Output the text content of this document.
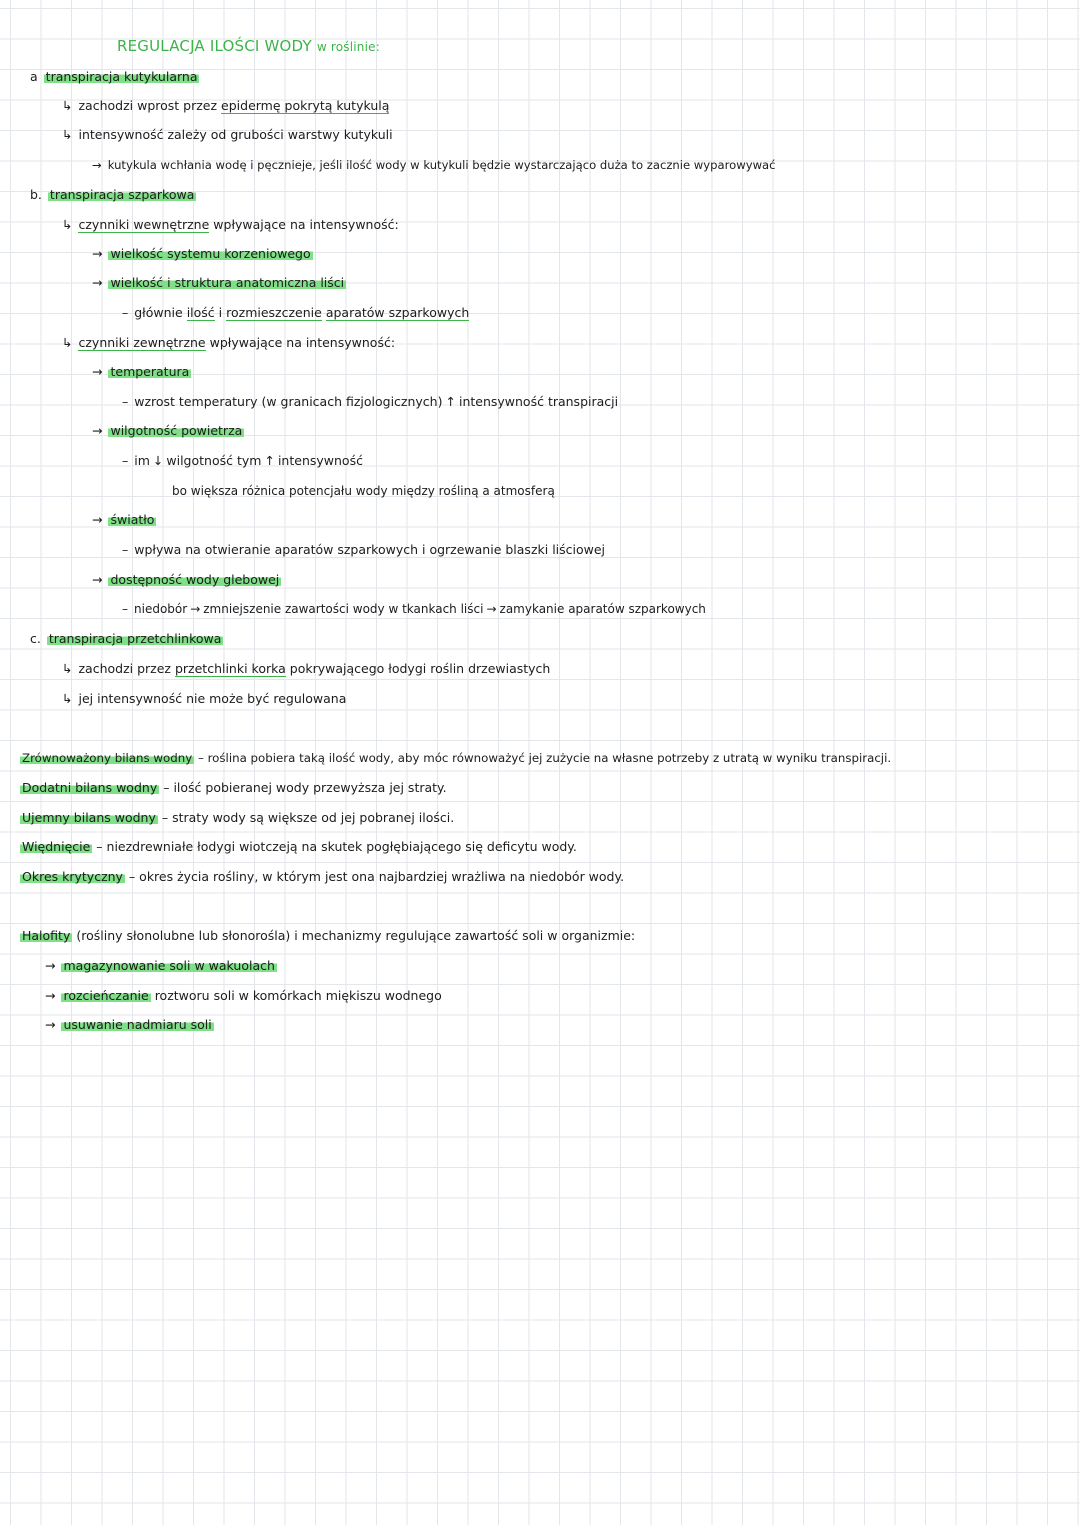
REGULACJA ILOŚCI WODY w roślinie:
a transpiracja kutykularna
↳ zachodzi wprost przez epidermę pokrytą kutykulą
↳ intensywność zależy od grubości warstwy kutykuli
→ kutykula wchłania wodę i pęcznieje, jeśli ilość wody w kutykuli będzie wystarczająco duża to zacznie wyparowywać
b. transpiracja szparkowa
↳ czynniki wewnętrzne wpływające na intensywność:
→ wielkość systemu korzeniowego
→ wielkość i struktura anatomiczna liści
– głównie ilość i rozmieszczenie aparatów szparkowych
↳ czynniki zewnętrzne wpływające na intensywność:
→ temperatura
– wzrost temperatury (w granicach fizjologicznych) ↑ intensywność transpiracji
→ wilgotność powietrza
– im ↓ wilgotność tym ↑ intensywność
bo większa różnica potencjału wody między rośliną a atmosferą
→ światło
– wpływa na otwieranie aparatów szparkowych i ogrzewanie blaszki liściowej
→ dostępność wody glebowej
– niedobór → zmniejszenie zawartości wody w tkankach liści → zamykanie aparatów szparkowych
c. transpiracja przetchlinkowa
↳ zachodzi przez przetchlinki korka pokrywającego łodygi roślin drzewiastych
↳ jej intensywność nie może być regulowana
Zrównoważony bilans wodny – roślina pobiera taką ilość wody, aby móc równoważyć jej zużycie na własne potrzeby z utratą w wyniku transpiracji.
Dodatni bilans wodny – ilość pobieranej wody przewyższa jej straty.
Ujemny bilans wodny – straty wody są większe od jej pobranej ilości.
Więdnięcie – niezdrewniałe łodygi wiotczeją na skutek pogłębiającego się deficytu wody.
Okres krytyczny – okres życia rośliny, w którym jest ona najbardziej wrażliwa na niedobór wody.
Halofity (rośliny słonolubne lub słonorośla) i mechanizmy regulujące zawartość soli w organizmie:
→ magazynowanie soli w wakuolach
→ rozcieńczanie roztworu soli w komórkach miękiszu wodnego
→ usuwanie nadmiaru soli
